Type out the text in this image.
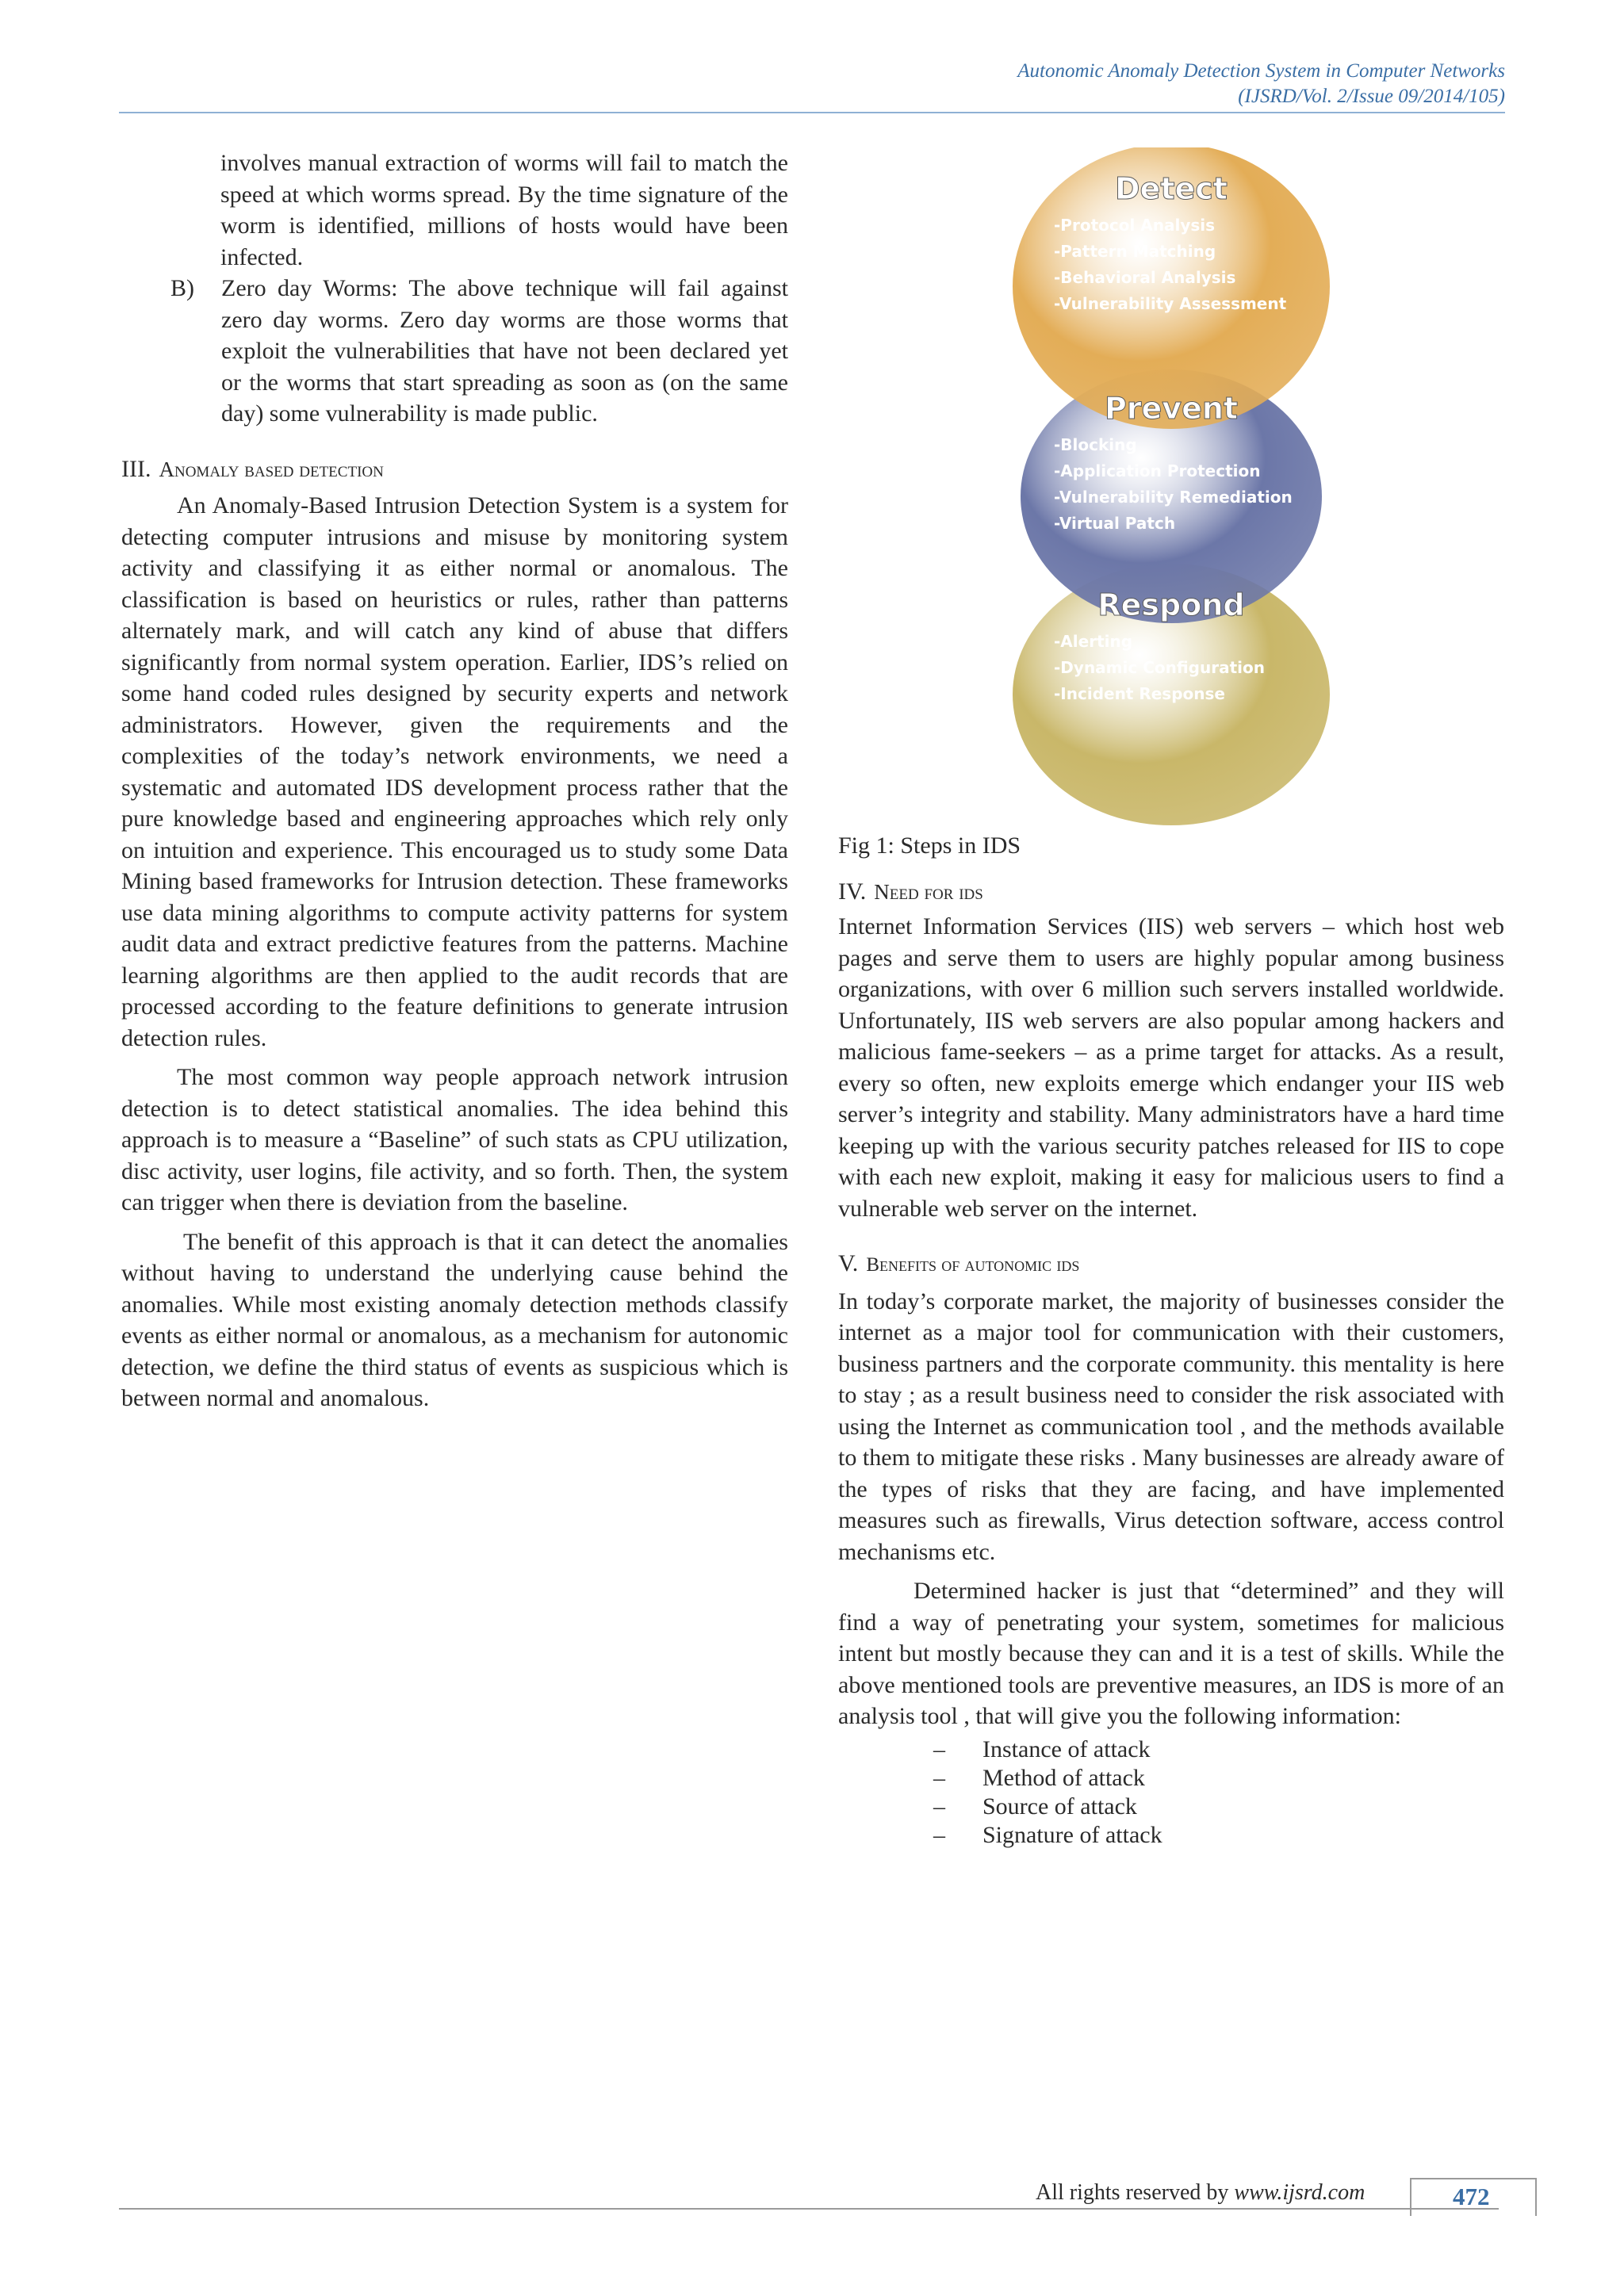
Autonomic Anomaly Detection System in Computer Networks
(IJSRD/Vol. 2/Issue 09/2014/105)

involves manual extraction of worms will fail to match the speed at which worms spread. By the time signature of the worm is identified, millions of hosts would have been infected.

B)	Zero day Worms: The above technique will fail against zero day worms. Zero day worms are those worms that exploit the vulnerabilities that have not been declared yet or the worms that start spreading as soon as (on the same day) some vulnerability is made public.

III. Anomaly based detection

An Anomaly-Based Intrusion Detection System is a system for detecting computer intrusions and misuse by monitoring system activity and classifying it as either normal or anomalous. The classification is based on heuristics or rules, rather than patterns alternately mark, and will catch any kind of abuse that differs significantly from normal system operation. Earlier, IDS’s relied on some hand coded rules designed by security experts and network administrators. However, given the requirements and the complexities of the today’s network environments, we need a systematic and automated IDS development process rather that the pure knowledge based and engineering approaches which rely only on intuition and experience. This encouraged us to study some Data Mining based frameworks for Intrusion detection. These frameworks use data mining algorithms to compute activity patterns for system audit data and extract predictive features from the patterns. Machine learning algorithms are then applied to the audit records that are processed according to the feature definitions to generate intrusion detection rules.

The most common way people approach network intrusion detection is to detect statistical anomalies. The idea behind this approach is to measure a “Baseline” of such stats as CPU utilization, disc activity, user logins, file activity, and so forth. Then, the system can trigger when there is deviation from the baseline.

The benefit of this approach is that it can detect the anomalies without having to understand the underlying cause behind the anomalies. While most existing anomaly detection methods classify events as either normal or anomalous, as a mechanism for autonomic detection, we define the third status of events as suspicious which is between normal and anomalous.

Detect
-Protocol Analysis
-Pattern Matching
-Behavioral Analysis
-Vulnerability Assessment
Prevent
-Blocking
-Application Protection
-Vulnerability Remediation
-Virtual Patch
Respond
-Alerting
-Dynamic Configuration
-Incident Response

Fig 1: Steps in IDS

IV. Need for ids

Internet Information Services (IIS) web servers – which host web pages and serve them to users are highly popular among business organizations, with over 6 million such servers installed worldwide. Unfortunately, IIS web servers are also popular among hackers and malicious fame-seekers – as a prime target for attacks. As a result, every so often, new exploits emerge which endanger your IIS web server’s integrity and stability. Many administrators have a hard time keeping up with the various security patches released for IIS to cope with each new exploit, making it easy for malicious users to find a vulnerable web server on the internet.

V. Benefits of autonomic ids

In today’s corporate market, the majority of businesses consider the internet as a major tool for communication with their customers, business partners and the corporate community. this mentality is here to stay ; as a result business need to consider the risk associated with using the Internet as communication tool , and the methods available to them to mitigate these risks . Many businesses are already aware of the types of risks that they are facing, and have implemented measures such as firewalls, Virus detection software, access control mechanisms etc.

Determined hacker is just that “determined” and they will find a way of penetrating your system, sometimes for malicious intent but mostly because they can and it is a test of skills. While the above mentioned tools are preventive measures, an IDS is more of an analysis tool , that will give you the following information:

–	Instance of attack
–	Method of attack
–	Source of attack
–	Signature of attack
All rights reserved by www.ijsrd.com	472
